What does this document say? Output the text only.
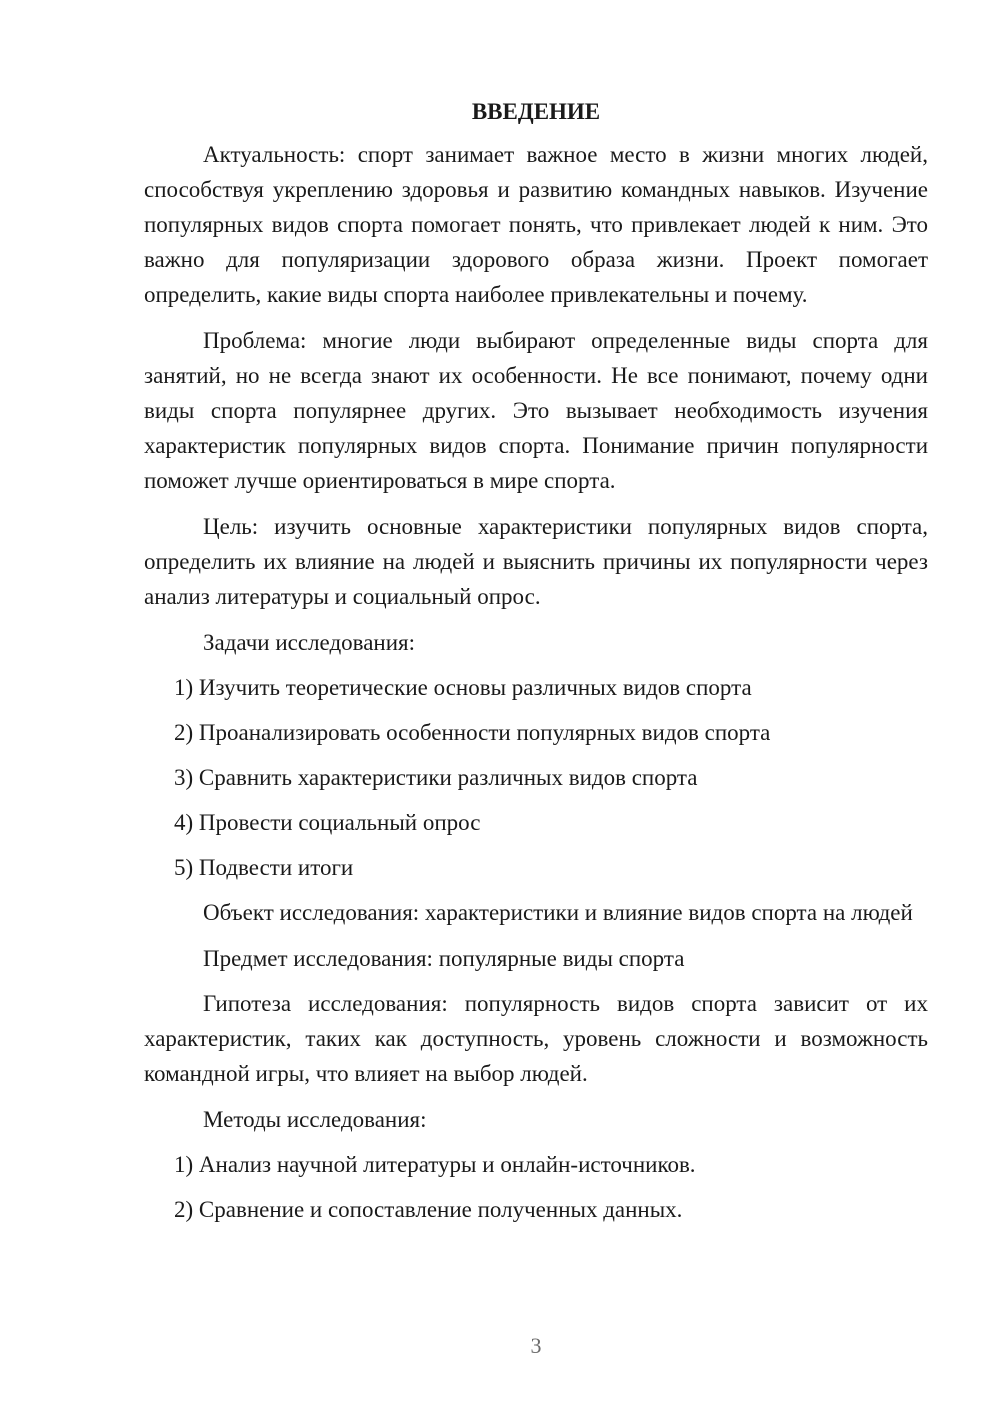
ВВЕДЕНИЕ

Актуальность: спорт занимает важное место в жизни многих людей, способствуя укреплению здоровья и развитию командных навыков. Изучение популярных видов спорта помогает понять, что привлекает людей к ним. Это важно для популяризации здорового образа жизни. Проект помогает определить, какие виды спорта наиболее привлекательны и почему.

Проблема: многие люди выбирают определенные виды спорта для занятий, но не всегда знают их особенности. Не все понимают, почему одни виды спорта популярнее других. Это вызывает необходимость изучения характеристик популярных видов спорта. Понимание причин популярности поможет лучше ориентироваться в мире спорта.

Цель: изучить основные характеристики популярных видов спорта, определить их влияние на людей и выяснить причины их популярности через анализ литературы и социальный опрос.

Задачи исследования:

1) Изучить теоретические основы различных видов спорта

2) Проанализировать особенности популярных видов спорта

3) Сравнить характеристики различных видов спорта

4) Провести социальный опрос

5) Подвести итоги

Объект исследования: характеристики и влияние видов спорта на людей

Предмет исследования: популярные виды спорта

Гипотеза исследования: популярность видов спорта зависит от их характеристик, таких как доступность, уровень сложности и возможность командной игры, что влияет на выбор людей.

Методы исследования:

1) Анализ научной литературы и онлайн-источников.

2) Сравнение и сопоставление полученных данных.

3
